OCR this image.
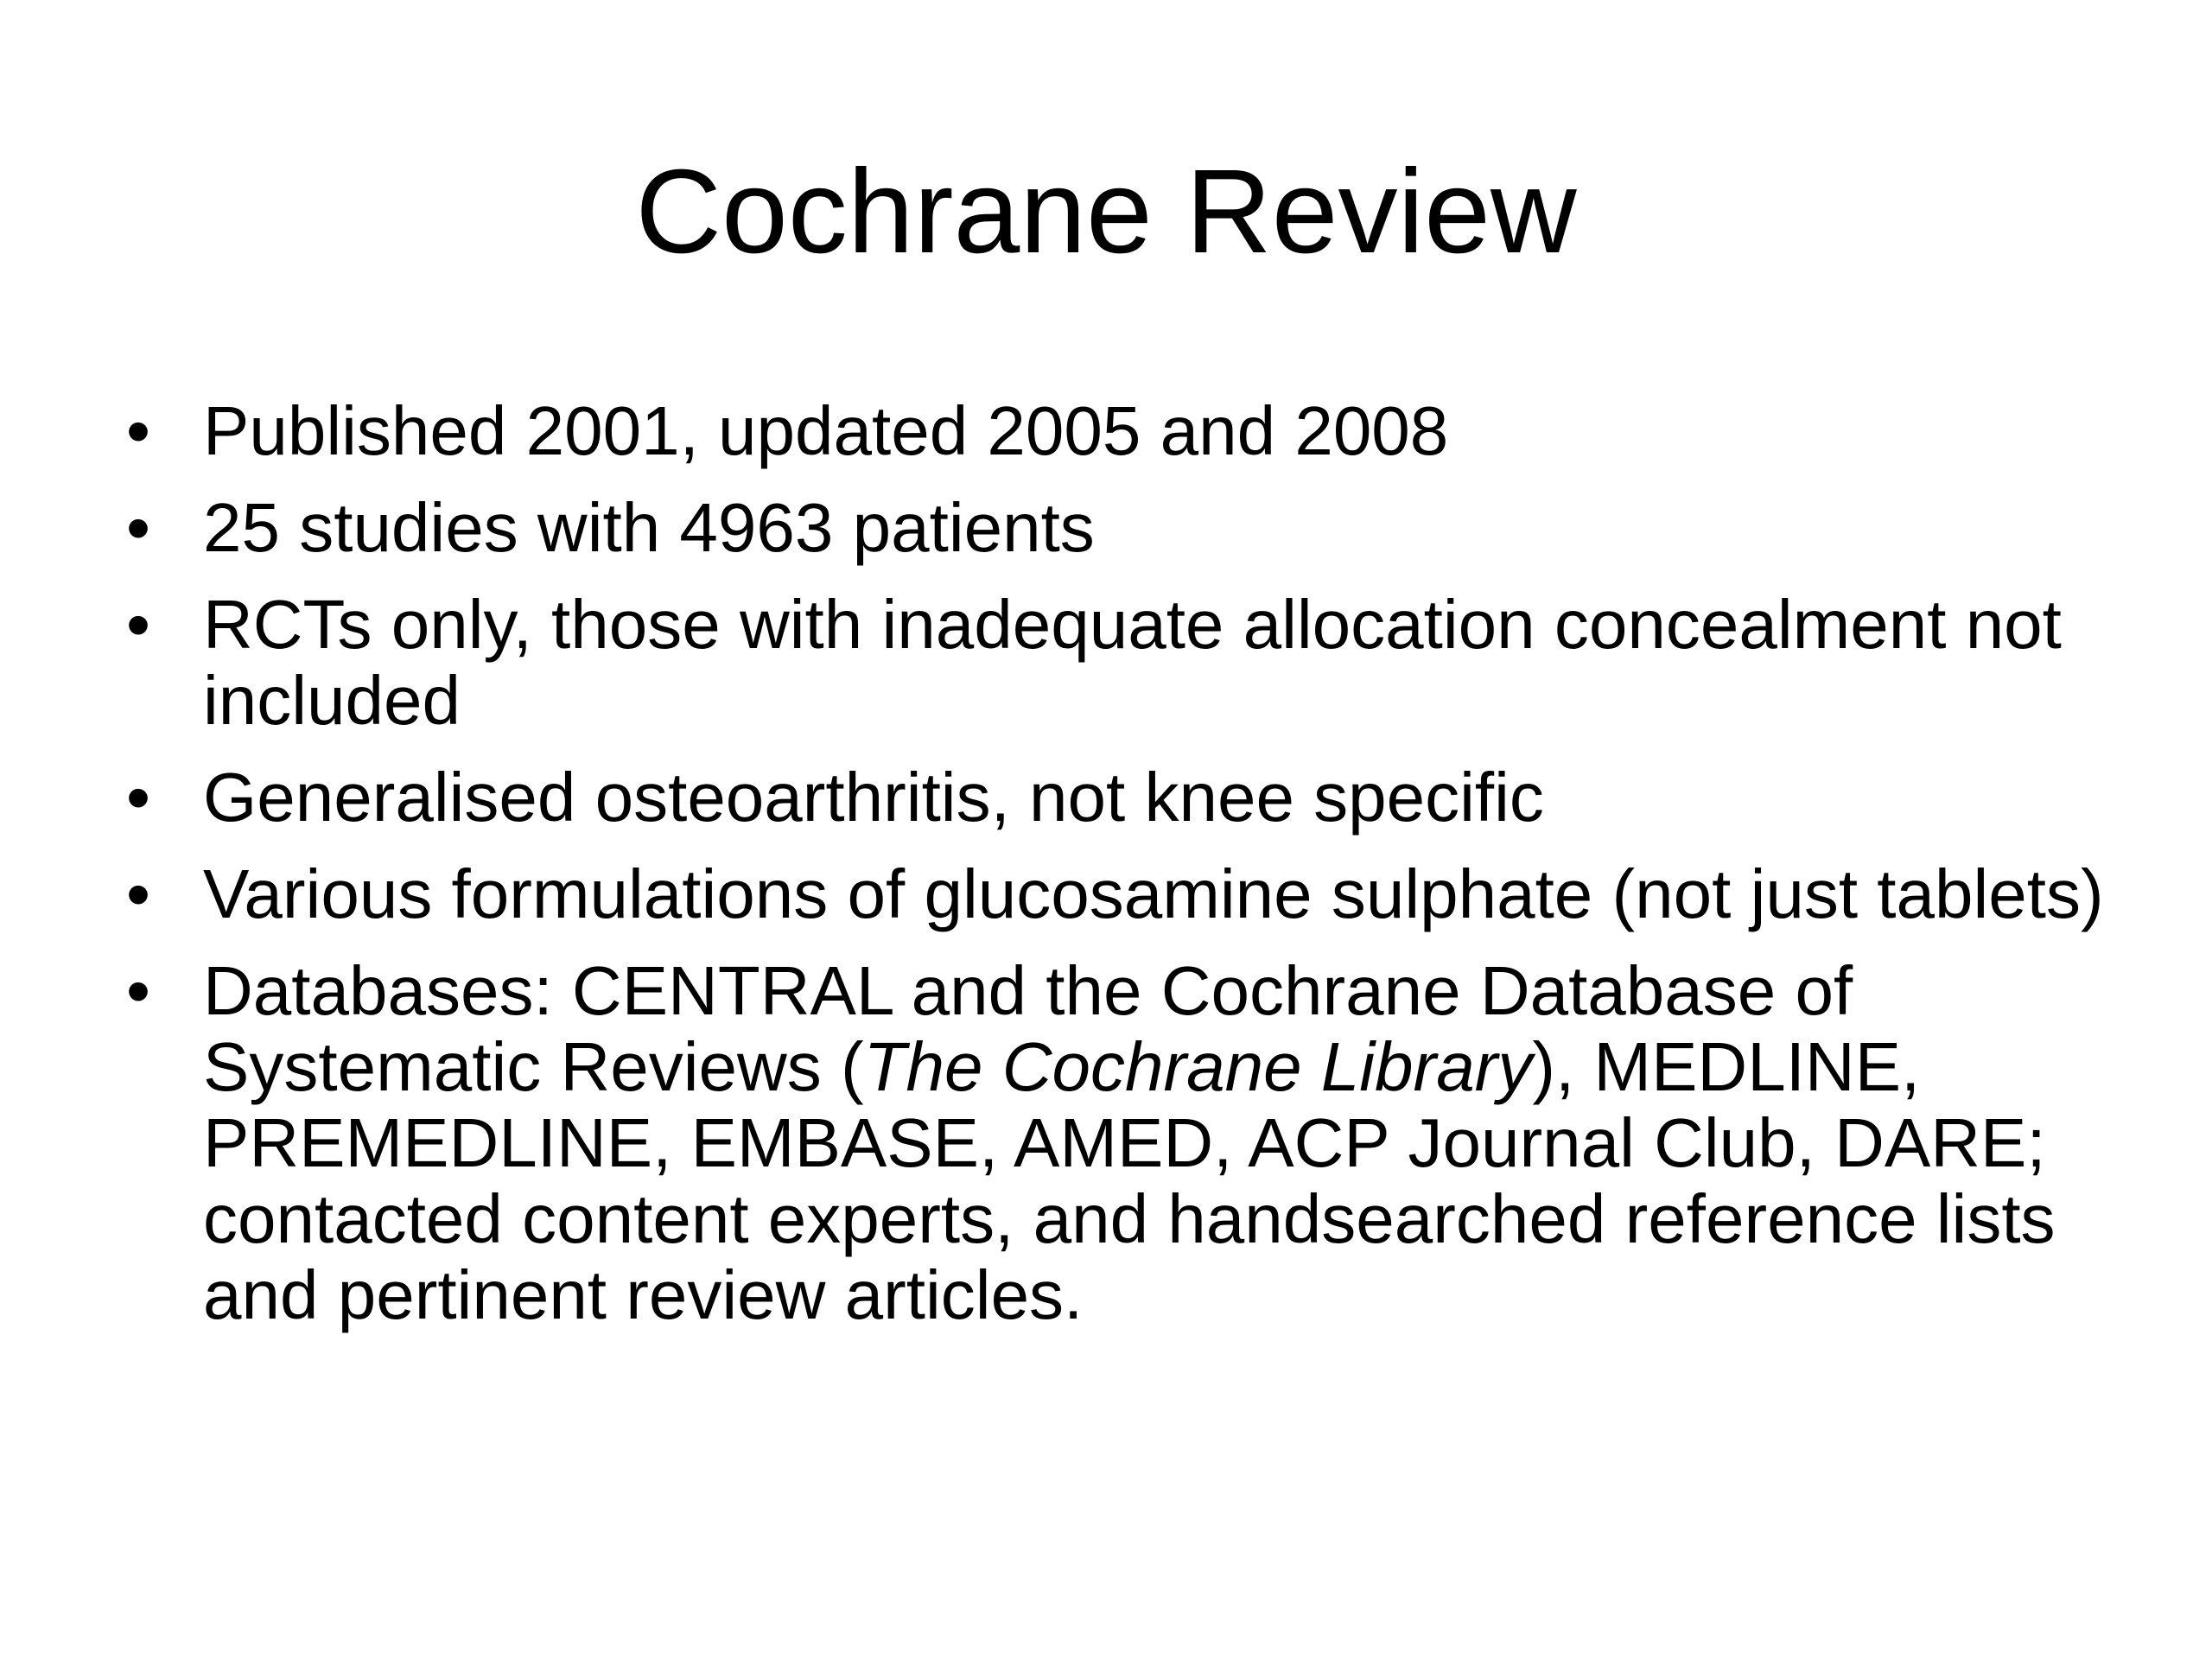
Cochrane Review
• Published 2001, updated 2005 and 2008
• 25 studies with 4963 patients
• RCTs only, those with inadequate allocation concealment not included
• Generalised osteoarthritis, not knee specific
• Various formulations of glucosamine sulphate (not just tablets)
• Databases: CENTRAL and the Cochrane Database of Systematic Reviews (The Cochrane Library), MEDLINE, PREMEDLINE, EMBASE, AMED, ACP Journal Club, DARE; contacted content experts, and handsearched reference lists and pertinent review articles.
